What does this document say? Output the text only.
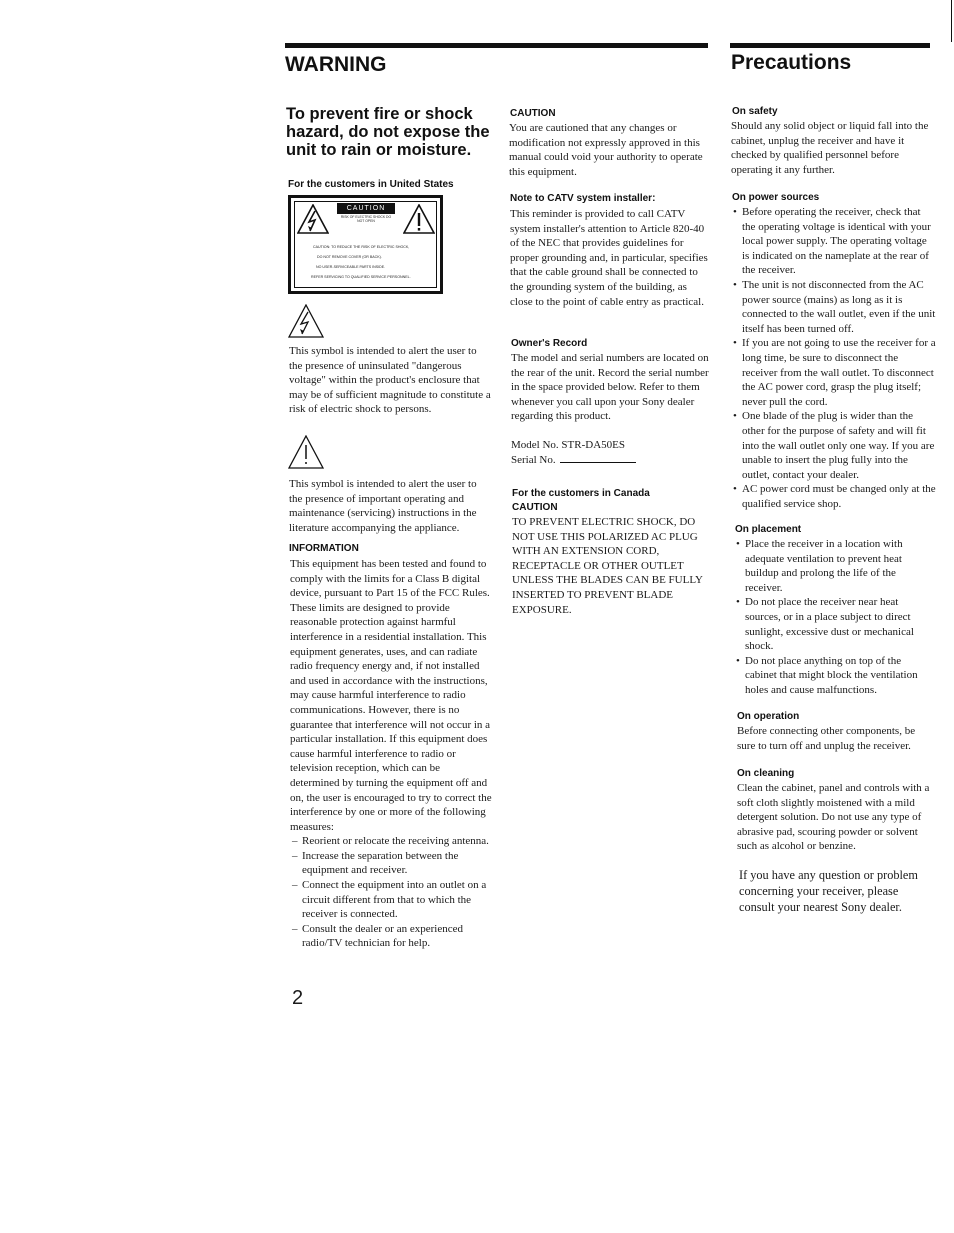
WARNING	Precautions
To prevent fire or shock hazard, do not expose the unit to rain or moisture.
For the customers in United States
CAUTION
RISK OF ELECTRIC SHOCK DO NOT OPEN
CAUTION: TO REDUCE THE RISK OF ELECTRIC SHOCK,
DO NOT REMOVE COVER (OR BACK).
NO USER-SERVICEABLE PARTS INSIDE.
REFER SERVICING TO QUALIFIED SERVICE PERSONNEL.
This symbol is intended to alert the user to the presence of uninsulated "dangerous voltage" within the product's enclosure that may be of sufficient magnitude to constitute a risk of electric shock to persons.
This symbol is intended to alert the user to the presence of important operating and maintenance (servicing) instructions in the literature accompanying the appliance.
INFORMATION

This equipment has been tested and found to comply with the limits for a Class B digital device, pursuant to Part 15 of the FCC Rules.

These limits are designed to provide reasonable protection against harmful interference in a residential installation. This equipment generates, uses, and can radiate radio frequency energy and, if not installed and used in accordance with the instructions, may cause harmful interference to radio communications. However, there is no guarantee that interference will not occur in a particular installation. If this equipment does cause harmful interference to radio or television reception, which can be determined by turning the equipment off and on, the user is encouraged to try to correct the interference by one or more of the following measures:

– Reorient or relocate the receiving antenna.
– Increase the separation between the equipment and receiver.
– Connect the equipment into an outlet on a circuit different from that to which the receiver is connected.
– Consult the dealer or an experienced radio/TV technician for help.
2
CAUTION
You are cautioned that any changes or modification not expressly approved in this manual could void your authority to operate this equipment.
Note to CATV system installer:
This reminder is provided to call CATV system installer's attention to Article 820-40 of the NEC that provides guidelines for proper grounding and, in particular, specifies that the cable ground shall be connected to the grounding system of the building, as close to the point of cable entry as practical.
Owner's Record
The model and serial numbers are located on the rear of the unit. Record the serial number in the space provided below. Refer to them whenever you call upon your Sony dealer regarding this product.
Model No. STR-DA50ES
Serial No.
For the customers in Canada
CAUTION
TO PREVENT ELECTRIC SHOCK, DO NOT USE THIS POLARIZED AC PLUG WITH AN EXTENSION CORD, RECEPTACLE OR OTHER OUTLET UNLESS THE BLADES CAN BE FULLY INSERTED TO PREVENT BLADE EXPOSURE.
On safety
Should any solid object or liquid fall into the cabinet, unplug the receiver and have it checked by qualified personnel before operating it any further.
On power sources
• Before operating the receiver, check that the operating voltage is identical with your local power supply. The operating voltage is indicated on the nameplate at the rear of the receiver.
• The unit is not disconnected from the AC power source (mains) as long as it is connected to the wall outlet, even if the unit itself has been turned off.
• If you are not going to use the receiver for a long time, be sure to disconnect the receiver from the wall outlet. To disconnect the AC power cord, grasp the plug itself; never pull the cord.
• One blade of the plug is wider than the other for the purpose of safety and will fit into the wall outlet only one way. If you are unable to insert the plug fully into the outlet, contact your dealer.
• AC power cord must be changed only at the qualified service shop.
On placement
• Place the receiver in a location with adequate ventilation to prevent heat buildup and prolong the life of the receiver.
• Do not place the receiver near heat sources, or in a place subject to direct sunlight, excessive dust or mechanical shock.
• Do not place anything on top of the cabinet that might block the ventilation holes and cause malfunctions.
On operation
Before connecting other components, be sure to turn off and unplug the receiver.
On cleaning
Clean the cabinet, panel and controls with a soft cloth slightly moistened with a mild detergent solution. Do not use any type of abrasive pad, scouring powder or solvent such as alcohol or benzine.
If you have any question or problem concerning your receiver, please consult your nearest Sony dealer.
